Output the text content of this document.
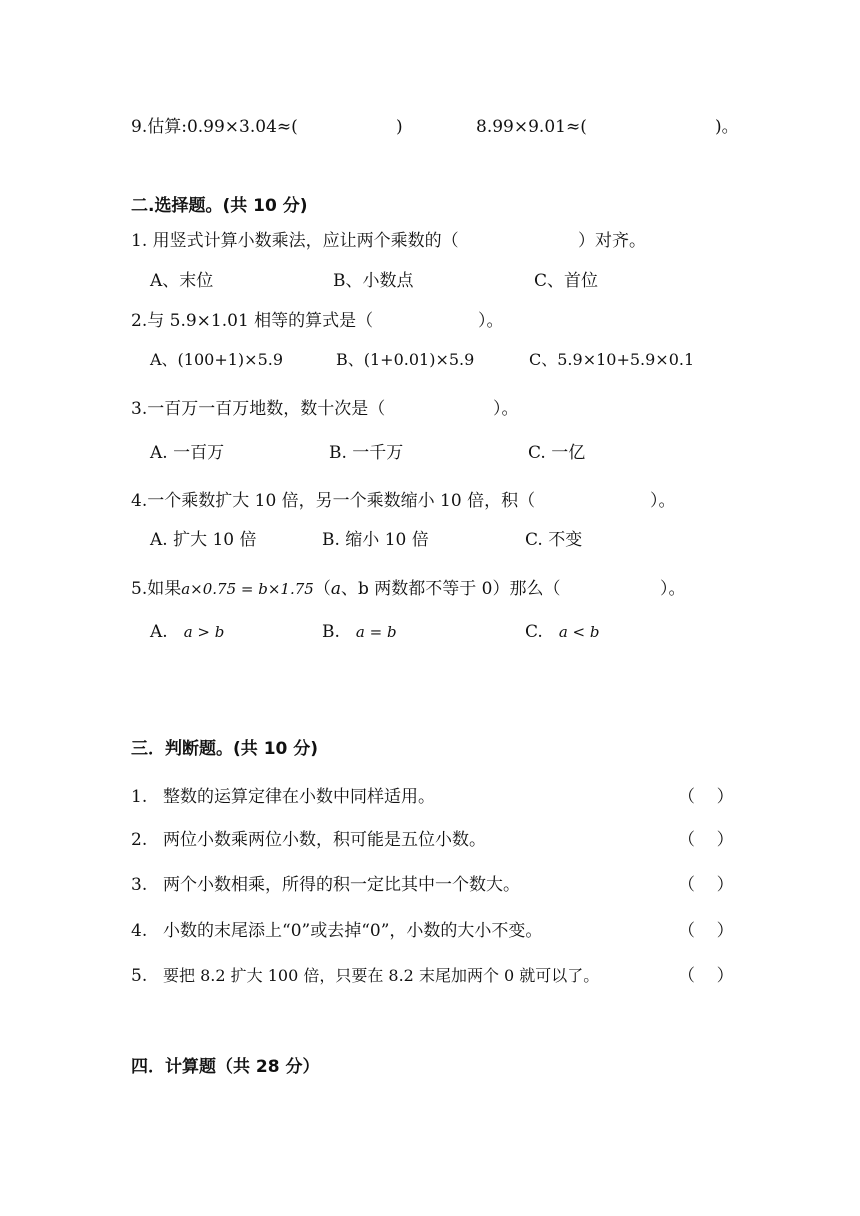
9.估算:0.99×3.04≈(	)	8.99×9.01≈(	)。
二.选择题。(共 10 分)
1. 用竖式计算小数乘法，应让两个乘数的（	）对齐。
A、末位	B、小数点	C、首位
2.与 5.9×1.01 相等的算式是（	）。
A、(100+1)×5.9	B、(1+0.01)×5.9	C、5.9×10+5.9×0.1
3.一百万一百万地数，数十次是（	）。
A. 一百万	B. 一千万	C. 一亿
4.一个乘数扩大 10 倍，另一个乘数缩小 10 倍，积（	）。
A. 扩大 10 倍	B. 缩小 10 倍	C. 不变
5.如果a×0.75 = b×1.75（a、b 两数都不等于 0）那么（	）。
A. a > b	B. a = b	C. a < b
三．判断题。(共 10 分)
1. 整数的运算定律在小数中同样适用。	（    ）
2. 两位小数乘两位小数，积可能是五位小数。	（    ）
3. 两个小数相乘，所得的积一定比其中一个数大。	（    ）
4. 小数的末尾添上“0”或去掉“0”，小数的大小不变。	（    ）
5. 要把 8.2 扩大 100 倍，只要在 8.2 末尾加两个 0 就可以了。	（    ）
四．计算题（共 28 分）
